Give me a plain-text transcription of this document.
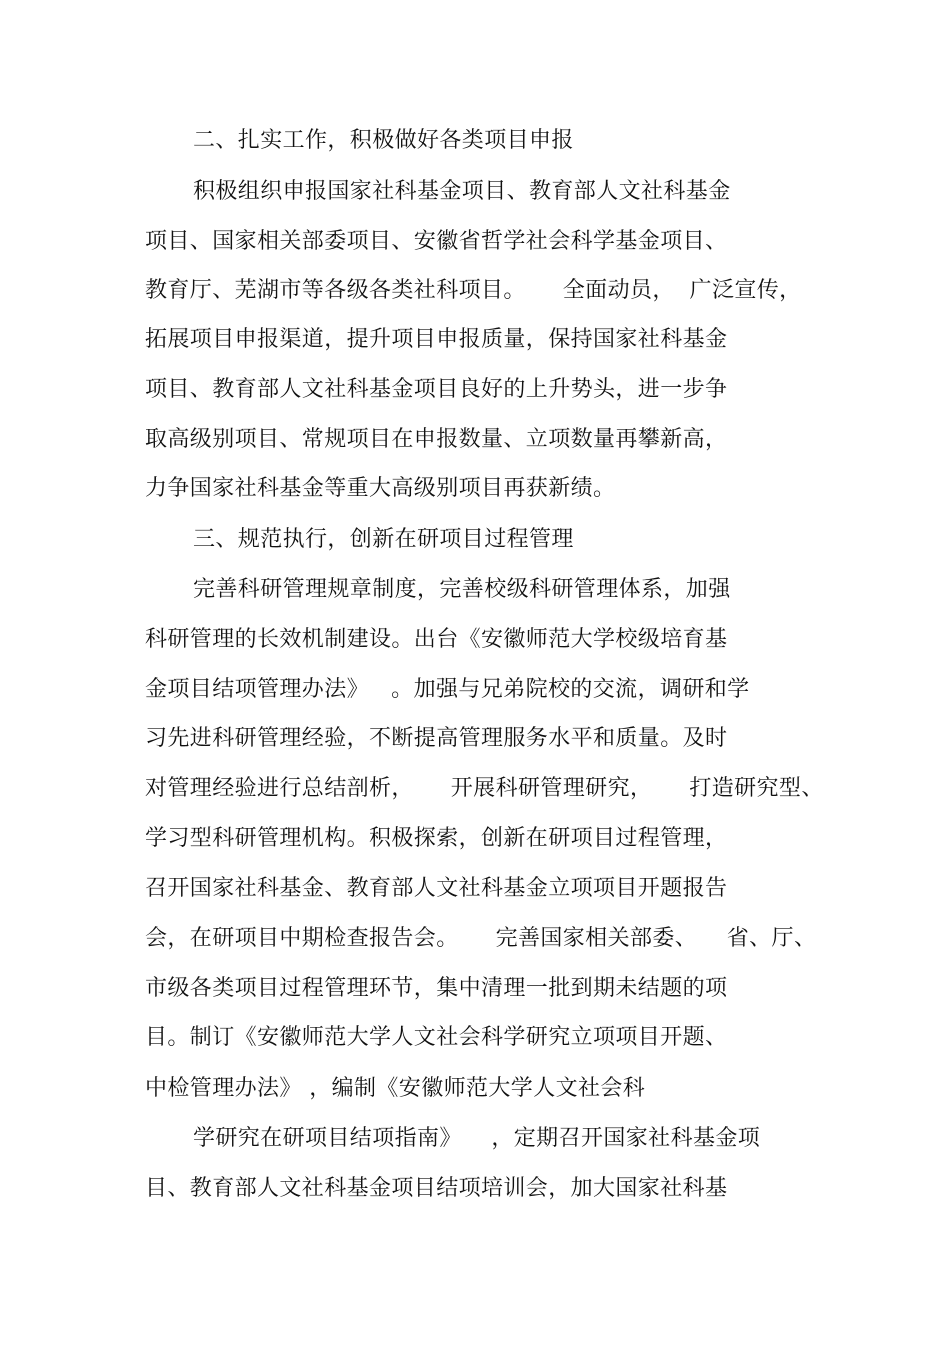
二、扎实工作，积极做好各类项目申报
积极组织申报国家社科基金项目、教育部人文社科基金
项目、国家相关部委项目、安徽省哲学社会科学基金项目、
教育厅、芜湖市等各级各类社科项目。     全面动员，  广泛宣传，
拓展项目申报渠道，提升项目申报质量，保持国家社科基金
项目、教育部人文社科基金项目良好的上升势头，进一步争
取高级别项目、常规项目在申报数量、立项数量再攀新高，
力争国家社科基金等重大高级别项目再获新绩。
三、规范执行，创新在研项目过程管理
完善科研管理规章制度，完善校级科研管理体系，加强
科研管理的长效机制建设。出台《安徽师范大学校级培育基
金项目结项管理办法》   。加强与兄弟院校的交流，调研和学
习先进科研管理经验，不断提高管理服务水平和质量。及时
对管理经验进行总结剖析，     开展科研管理研究，     打造研究型、
学习型科研管理机构。积极探索，创新在研项目过程管理，
召开国家社科基金、教育部人文社科基金立项项目开题报告
会，在研项目中期检查报告会。     完善国家相关部委、    省、厅、
市级各类项目过程管理环节，集中清理一批到期未结题的项
目。制订《安徽师范大学人文社会科学研究立项项目开题、
中检管理办法》 ，编制《安徽师范大学人文社会科
学研究在研项目结项指南》    ，定期召开国家社科基金项
目、教育部人文社科基金项目结项培训会，加大国家社科基
